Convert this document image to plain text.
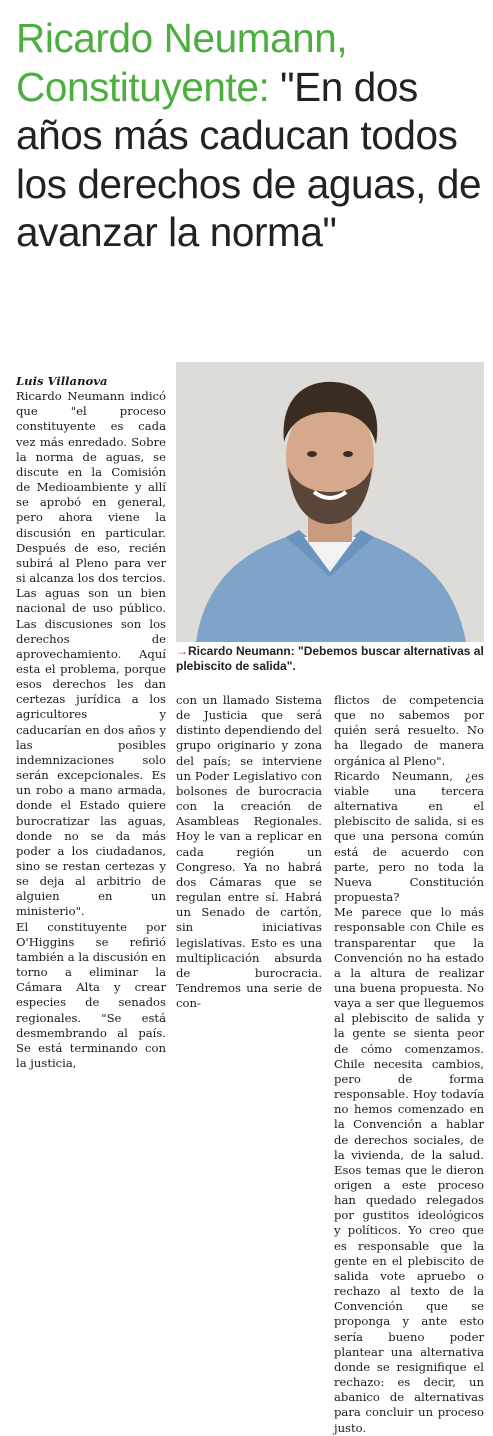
Ricardo Neumann, Constituyente: "En dos años más caducan todos los derechos de aguas, de avanzar la norma"
→Ricardo Neumann: "Debemos buscar alternativas al plebiscito de salida".
Luis Villanova

Ricardo Neumann indicó que "el proceso constituyente es cada vez más enredado. Sobre la norma de aguas, se discute en la Comisión de Medioambiente y allí se aprobó en general, pero ahora viene la discusión en particular. Después de eso, recién subirá al Pleno para ver si alcanza los dos tercios. Las aguas son un bien nacional de uso público. Las discusiones son los derechos de aprovechamiento. Aquí esta el problema, porque esos derechos les dan certezas jurídica a los agricultores y caducarían en dos años y las posibles indemnizaciones solo serán excepcionales. Es un robo a mano armada, donde el Estado quiere burocratizar las aguas, donde no se da más poder a los ciudadanos, sino se restan certezas y se deja al arbitrio de alguien en un ministerio".

El constituyente por O'Higgins se refirió también a la discusión en torno a eliminar la Cámara Alta y crear especies de senados regionales. "Se está desmembrando al país. Se está terminando con la justicia,

con un llamado Sistema de Justicia que será distinto dependiendo del grupo originario y zona del país; se interviene un Poder Legislativo con bolsones de burocracia con la creación de Asambleas Regionales. Hoy le van a replicar en cada región un Congreso. Ya no habrá dos Cámaras que se regulan entre sí. Habrá un Senado de cartón, sin iniciativas legislativas. Esto es una multiplicación absurda de burocracia. Tendremos una serie de con-

flictos de competencia que no sabemos por quién será resuelto. No ha llegado de manera orgánica al Pleno".

Ricardo Neumann, ¿es viable una tercera alternativa en el plebiscito de salida, si es que una persona común está de acuerdo con parte, pero no toda la Nueva Constitución propuesta?

Me parece que lo más responsable con Chile es transparentar que la Convención no ha estado a la altura de realizar una buena propuesta. No vaya a ser que lleguemos al plebiscito de salida y la gente se sienta peor de cómo comenzamos. Chile necesita cambios, pero de forma responsable. Hoy todavía no hemos comenzado en la Convención a hablar de derechos sociales, de la vivienda, de la salud. Esos temas que le dieron origen a este proceso han quedado relegados por gustitos ideológicos y políticos. Yo creo que es responsable que la gente en el plebiscito de salida vote apruebo o rechazo al texto de la Convención que se proponga y ante esto sería bueno poder plantear una alternativa donde se resignifique el rechazo: es decir, un abanico de alternativas para concluir un proceso justo.
